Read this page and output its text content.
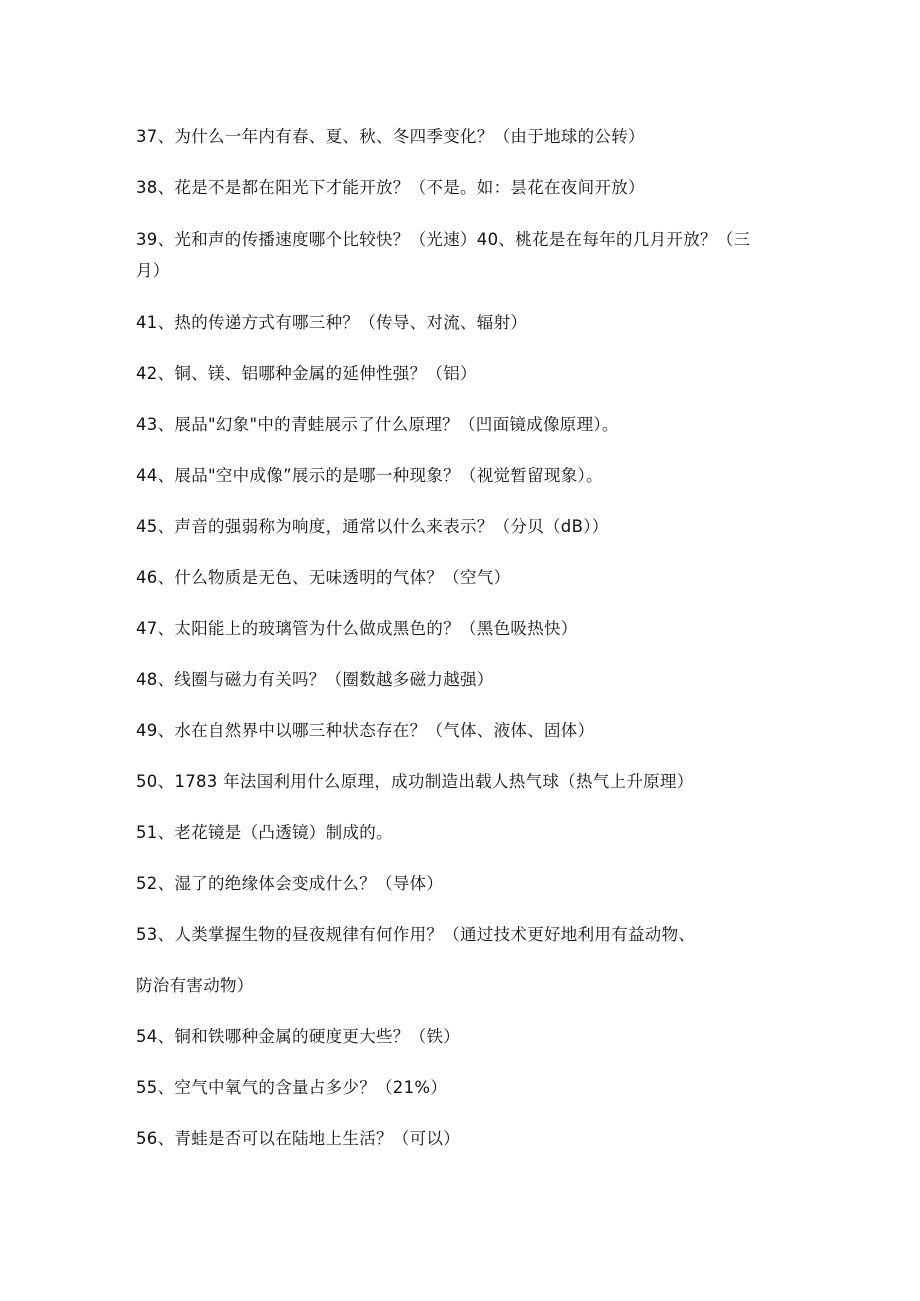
37、为什么一年内有春、夏、秋、冬四季变化？（由于地球的公转）
38、花是不是都在阳光下才能开放？（不是。如：昙花在夜间开放）
39、光和声的传播速度哪个比较快？（光速）40、桃花是在每年的几月开放？（三
月）
41、热的传递方式有哪三种？（传导、对流、辐射）
42、铜、镁、铝哪种金属的延伸性强？（铝）
43、展品"幻象"中的青蛙展示了什么原理？（凹面镜成像原理）。
44、展品"空中成像”展示的是哪一种现象？（视觉暂留现象）。
45、声音的强弱称为响度，通常以什么来表示？（分贝（dB））
46、什么物质是无色、无味透明的气体？（空气）
47、太阳能上的玻璃管为什么做成黑色的？（黑色吸热快）
48、线圈与磁力有关吗？（圈数越多磁力越强）
49、水在自然界中以哪三种状态存在？（气体、液体、固体）
50、1783 年法国利用什么原理，成功制造出载人热气球（热气上升原理）
51、老花镜是（凸透镜）制成的。
52、湿了的绝缘体会变成什么？（导体）
53、人类掌握生物的昼夜规律有何作用？（通过技术更好地利用有益动物、
防治有害动物）
54、铜和铁哪种金属的硬度更大些？（铁）
55、空气中氧气的含量占多少？（21%）
56、青蛙是否可以在陆地上生活？（可以）
